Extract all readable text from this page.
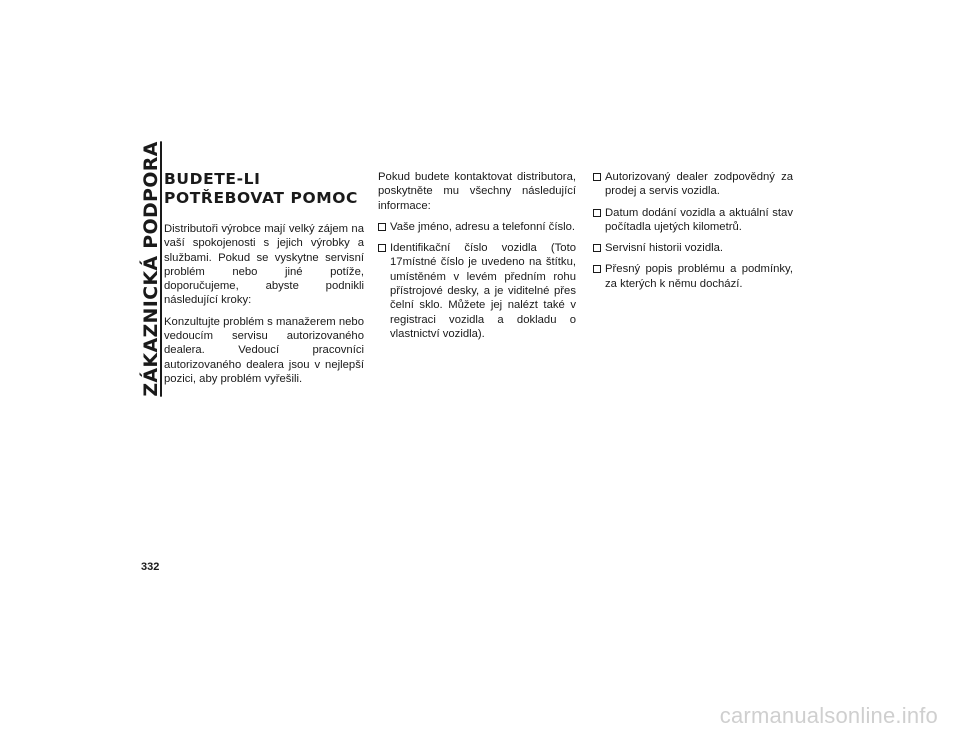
ZÁKAZNICKÁ PODPORA
332
BUDETE-LI POTŘEBOVAT POMOC

Distributoři výrobce mají velký zájem na vaší spokojenosti s jejich výrobky a službami. Pokud se vyskytne servisní problém nebo jiné potíže, doporučujeme, abyste podnikli následující kroky:

Konzultujte problém s manažerem nebo vedoucím servisu autorizovaného dealera. Vedoucí pracovníci autorizovaného dealera jsou v nejlepší pozici, aby problém vyřešili.

Pokud budete kontaktovat distributora, poskytněte mu všechny následující informace:

Vaše jméno, adresu a telefonní číslo.
Identifikační číslo vozidla (Toto 17místné číslo je uvedeno na štítku, umístěném v levém předním rohu přístrojové desky, a je viditelné přes čelní sklo. Můžete jej nalézt také v registraci vozidla a dokladu o vlastnictví vozidla).
Autorizovaný dealer zodpovědný za prodej a servis vozidla.
Datum dodání vozidla a aktuální stav počítadla ujetých kilometrů.
Servisní historii vozidla.
Přesný popis problému a podmínky, za kterých k němu dochází.
carmanualsonline.info
